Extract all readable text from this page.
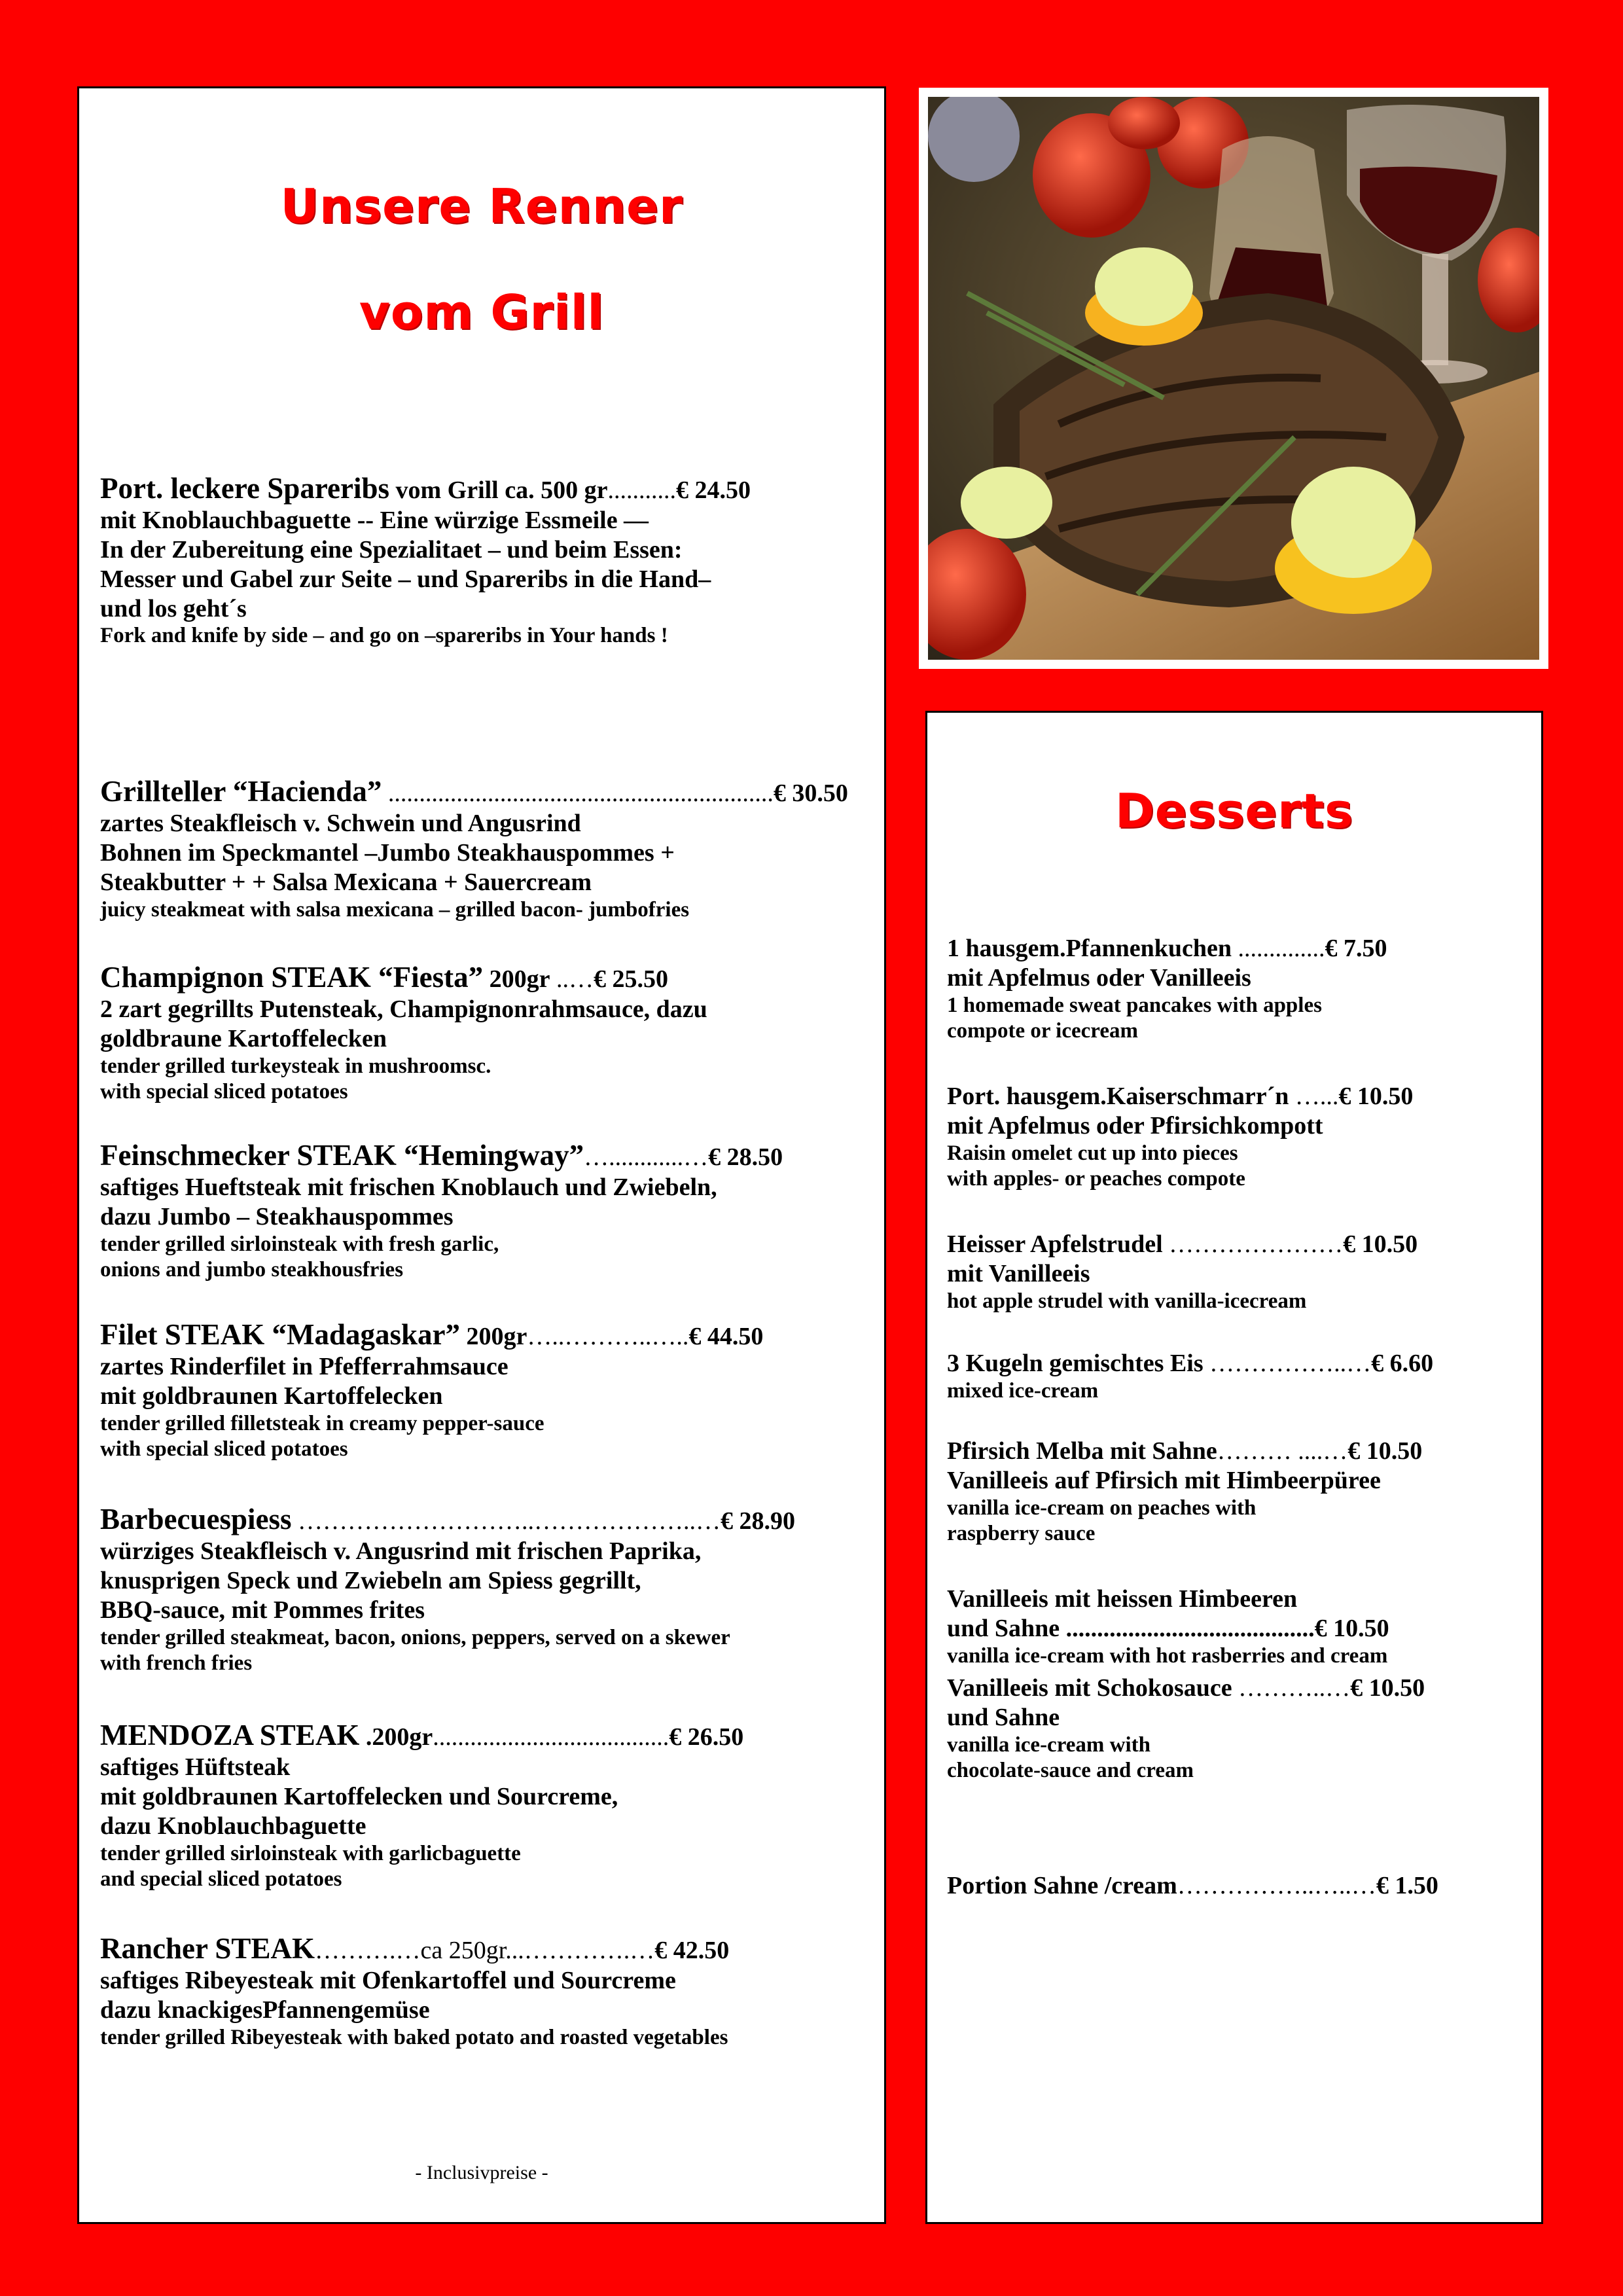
Unsere Renner
vom Grill
Port. leckere Spareribs vom Grill ca. 500 gr...........€ 24.50
mit Knoblauchbaguette -- Eine würzige Essmeile —
In der Zubereitung eine Spezialitaet – und beim Essen:
Messer und Gabel zur Seite – und Spareribs in die Hand–
und los geht´s
Fork and knife by side – and go on –spareribs in Your hands !
Grillteller “Hacienda” ..............................................................€ 30.50
zartes Steakfleisch v. Schwein und Angusrind
Bohnen im Speckmantel –Jumbo Steakhauspommes +
Steakbutter + + Salsa Mexicana + Sauercream
juicy steakmeat with salsa mexicana – grilled bacon- jumbofries
Champignon STEAK “Fiesta” 200gr ..…€ 25.50
2 zart gegrillts Putensteak, Champignonrahmsauce, dazu
goldbraune Kartoffelecken
tender grilled turkeysteak in mushroomsc.
with special sliced potatoes
Feinschmecker STEAK “Hemingway”…............…€ 28.50
saftiges Hueftsteak mit frischen Knoblauch und Zwiebeln,
dazu Jumbo – Steakhauspommes
tender grilled sirloinsteak with fresh garlic,
onions and jumbo steakhousfries
Filet STEAK “Madagaskar” 200gr…..………..…..€ 44.50
zartes Rinderfilet in Pfefferrahmsauce
mit goldbraunen Kartoffelecken
tender grilled filletsteak in creamy pepper-sauce
with special sliced potatoes
Barbecuespiess ………………………..………………..…€ 28.90
würziges Steakfleisch v. Angusrind mit frischen Paprika,
knusprigen Speck und Zwiebeln am Spiess gegrillt,
BBQ-sauce, mit Pommes frites
tender grilled steakmeat, bacon, onions, peppers, served on a skewer
with french fries
MENDOZA STEAK .200gr......................................€ 26.50
saftiges Hüftsteak
mit goldbraunen Kartoffelecken und Sourcreme,
dazu Knoblauchbaguette
tender grilled sirloinsteak with garlicbaguette
and special sliced potatoes
Rancher STEAK……….…ca 250gr...………….…€ 42.50
saftiges Ribeyesteak mit Ofenkartoffel und Sourcreme
dazu knackigesPfannengemüse
tender grilled Ribeyesteak with baked potato and roasted vegetables
- Inclusivpreise -
Desserts
1 hausgem.Pfannenkuchen ..............€ 7.50
mit Apfelmus oder Vanilleeis
1 homemade sweat pancakes with apples
compote or icecream
Port. hausgem.Kaiserschmarr´n …...€ 10.50
mit Apfelmus oder Pfirsichkompott
Raisin omelet cut up into pieces
with apples- or peaches compote
Heisser Apfelstrudel …………………€ 10.50
mit Vanilleeis
hot apple strudel with vanilla-icecream
3 Kugeln gemischtes Eis ……………..…€ 6.60
mixed ice-cream
Pfirsich Melba mit Sahne……… ....…€ 10.50
Vanilleeis auf Pfirsich mit Himbeerpüree
vanilla ice-cream on peaches with
raspberry sauce
Vanilleeis mit heissen Himbeeren
und Sahne ........................................€ 10.50
vanilla ice-cream with hot rasberries and cream
Vanilleeis mit Schokosauce ………..…€ 10.50
und Sahne
vanilla ice-cream with
chocolate-sauce and cream
Portion Sahne /cream……………..…..…€ 1.50
